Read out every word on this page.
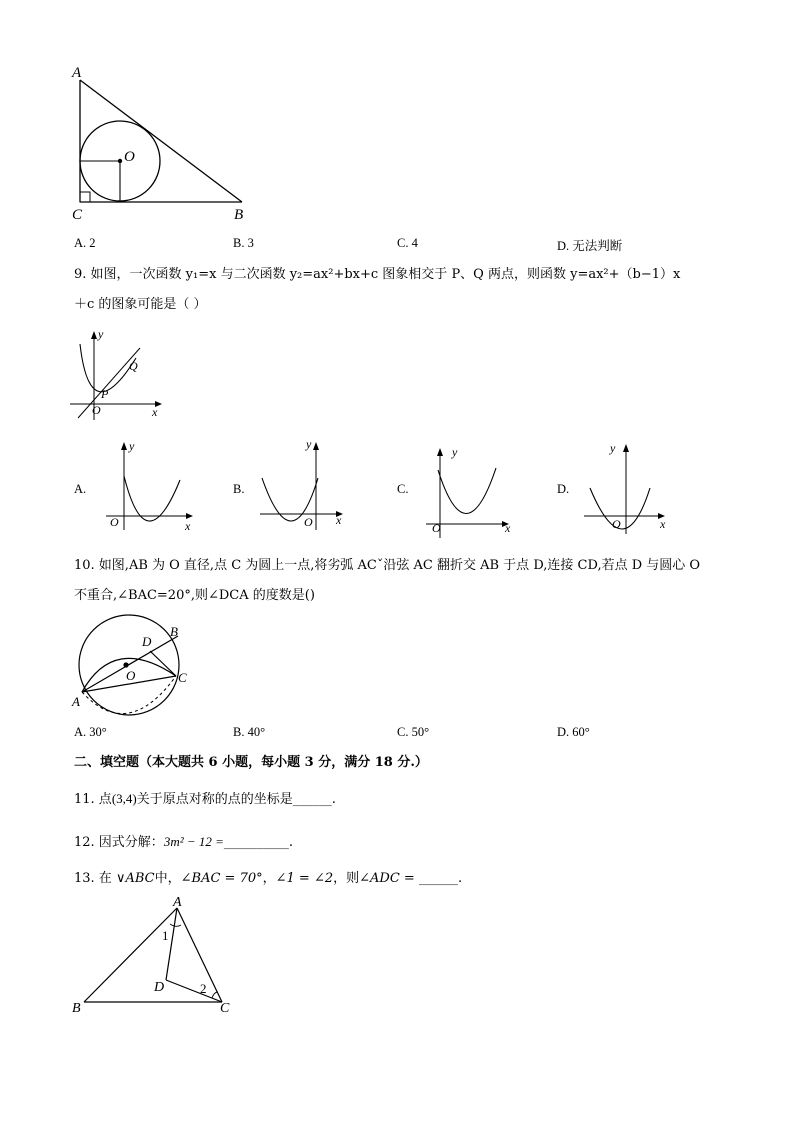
A
O
C	B
A. 2	B. 3	C. 4	D. 无法判断
9. 如图，一次函数 y₁=x 与二次函数 y₂=ax²+bx+c 图象相交于 P、Q 两点，则函数 y=ax²+（b−1）x
＋c 的图象可能是（ ）
y
x
O
P
Q
A.
y
x
O
B.
y
x
O
C.
y
x
O
D.
y
x
O
10. 如图,AB 为 O 直径,点 C 为圆上一点,将劣弧 ACˇ沿弦 AC 翻折交 AB 于点 D,连接 CD,若点 D 与圆心 O
不重合,∠BAC=20°,则∠DCA 的度数是()
A
B
C
D
O
A. 30°	B. 40°	C. 50°	D. 60°
二、填空题（本大题共 6 小题，每小题 3 分，满分 18 分.）
11. 点(3,4)关于原点对称的点的坐标是______.
12. 因式分解：3m² − 12 =__________.
13. 在 ∨ABC中，∠BAC = 70°，∠1 = ∠2，则∠ADC = ______.
A
B	C
D
1
2
